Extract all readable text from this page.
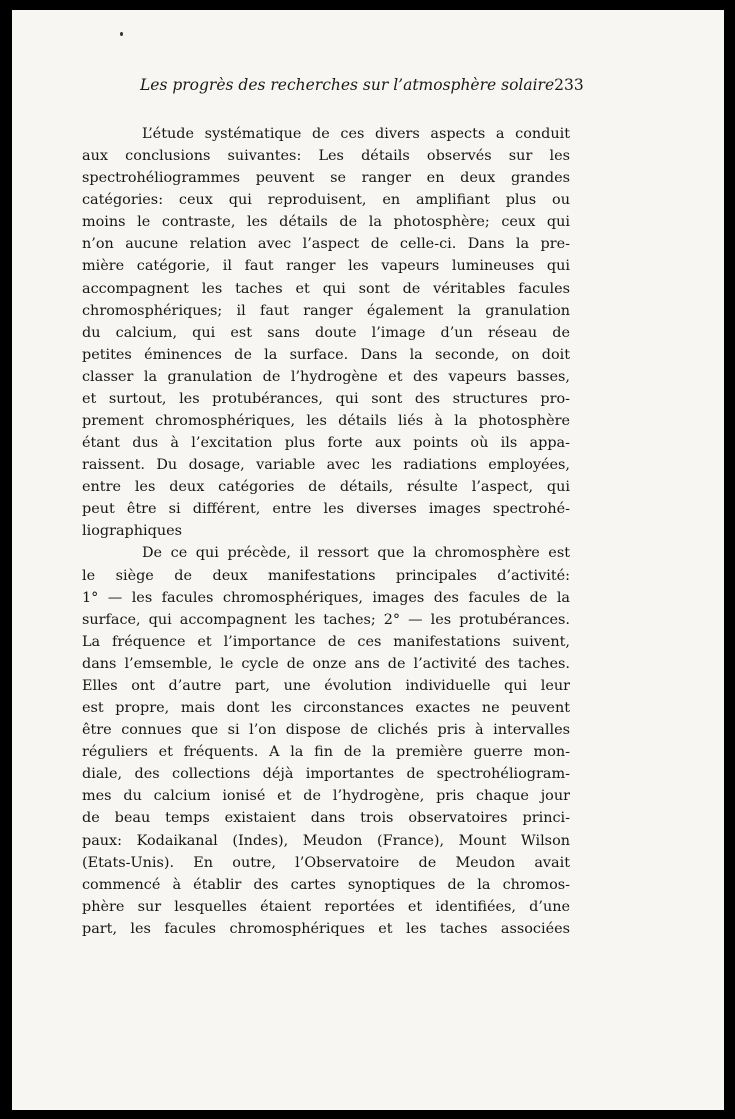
Les progrès des recherches sur l’atmosphère solaire 233
L’étude systématique de ces divers aspects a conduit
aux conclusions suivantes: Les détails observés sur les
spectrohéliogrammes peuvent se ranger en deux grandes
catégories: ceux qui reproduisent, en amplifiant plus ou
moins le contraste, les détails de la photosphère; ceux qui
n’on aucune relation avec l’aspect de celle-ci. Dans la pre-
mière catégorie, il faut ranger les vapeurs lumineuses qui
accompagnent les taches et qui sont de véritables facules
chromosphériques; il faut ranger également la granulation
du calcium, qui est sans doute l’image d’un réseau de
petites éminences de la surface. Dans la seconde, on doit
classer la granulation de l’hydrogène et des vapeurs basses,
et surtout, les protubérances, qui sont des structures pro-
prement chromosphériques, les détails liés à la photosphère
étant dus à l’excitation plus forte aux points où ils appa-
raissent. Du dosage, variable avec les radiations employées,
entre les deux catégories de détails, résulte l’aspect, qui
peut être si différent, entre les diverses images spectrohé-
liographiques
De ce qui précède, il ressort que la chromosphère est
le siège de deux manifestations principales d’activité:
1° — les facules chromosphériques, images des facules de la
surface, qui accompagnent les taches; 2° — les protubérances.
La fréquence et l’importance de ces manifestations suivent,
dans l’emsemble, le cycle de onze ans de l’activité des taches.
Elles ont d’autre part, une évolution individuelle qui leur
est propre, mais dont les circonstances exactes ne peuvent
être connues que si l’on dispose de clichés pris à intervalles
réguliers et fréquents. A la fin de la première guerre mon-
diale, des collections déjà importantes de spectrohéliogram-
mes du calcium ionisé et de l’hydrogène, pris chaque jour
de beau temps existaient dans trois observatoires princi-
paux: Kodaikanal (Indes), Meudon (France), Mount Wilson
(Etats-Unis). En outre, l’Observatoire de Meudon avait
commencé à établir des cartes synoptiques de la chromos-
phère sur lesquelles étaient reportées et identifiées, d’une
part, les facules chromosphériques et les taches associées
